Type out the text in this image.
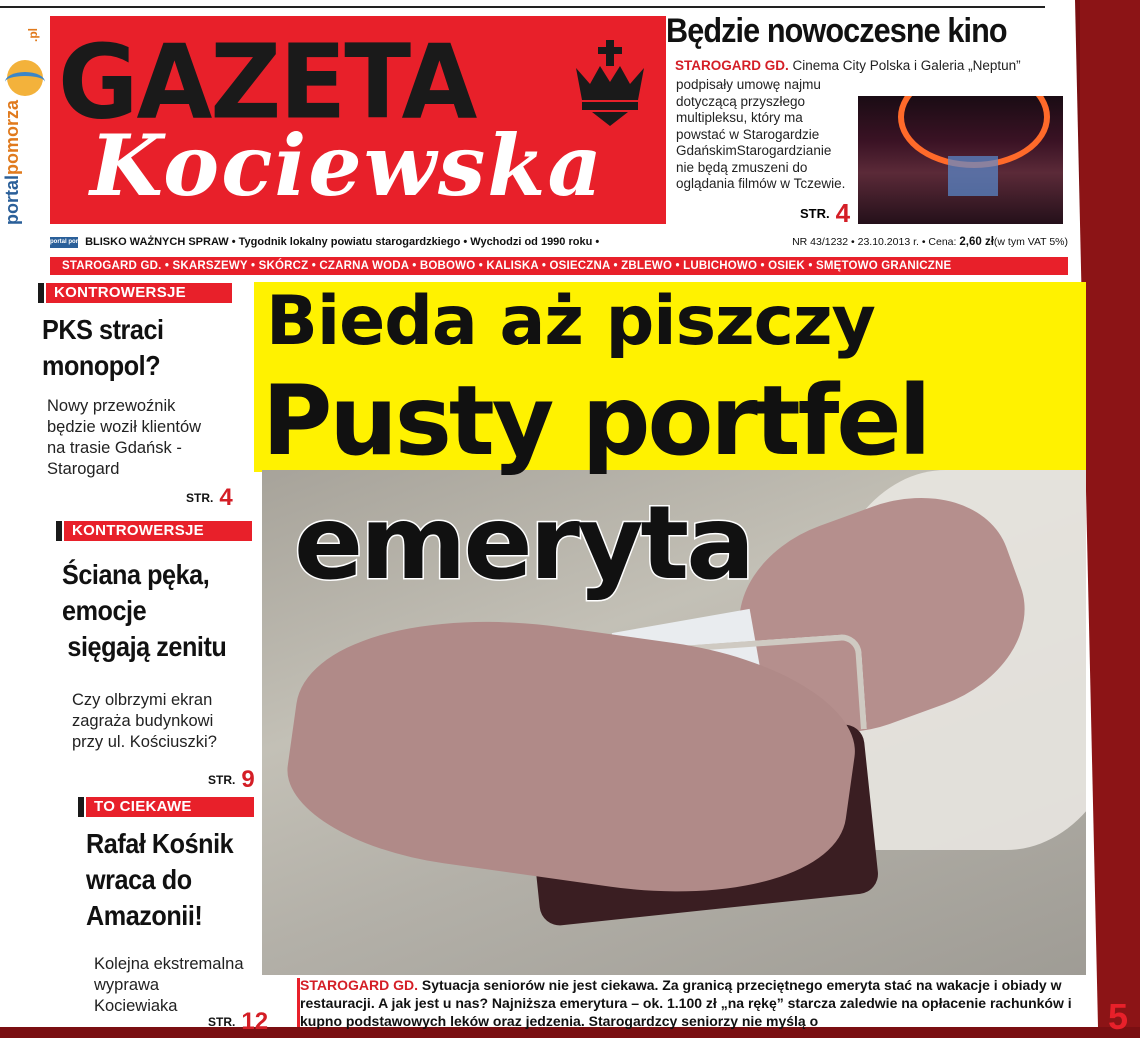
portalpomorza
.pl GAZETA
Kociewska
Będzie nowoczesne kino
STAROGARD GD. Cinema City Polska i Galeria „Neptun”
podpisały umowę najmu dotyczącą przyszłego multipleksu, który ma powstać w Starogardzie GdańskimStarogardzianie nie będą zmuszeni do oglądania filmów w Tczewie.
STR. 4
portal pomorza BLISKO WAŻNYCH SPRAW • Tygodnik lokalny powiatu starogardzkiego • Wychodzi od 1990 roku •	NR 43/1232 • 23.10.2013 r. • Cena: 2,60 zł(w tym VAT 5%)
STAROGARD GD. • SKARSZEWY • SKÓRCZ • CZARNA WODA • BOBOWO • KALISKA • OSIECZNA • ZBLEWO • LUBICHOWO • OSIEK • SMĘTOWO GRANICZNE
KONTROWERSJE
PKS straci
monopol?
Nowy przewoźnik
będzie woził klientów
na trasie Gdańsk -
Starogard
STR. 4
KONTROWERSJE
Ściana pęka,
emocje
sięgają zenitu
Czy olbrzymi ekran
zagraża budynkowi
przy ul. Kościuszki?
STR. 9
TO CIEKAWE
Rafał Kośnik
wraca do
Amazonii!
Kolejna ekstremalna
wyprawa
Kociewiaka
STR. 12
Bieda aż piszczy
Pusty portfel
emeryta
STAROGARD GD. Sytuacja seniorów nie jest ciekawa. Za granicą przeciętnego emeryta stać na wakacje i obiady w restauracji. A jak jest u nas? Najniższa emerytura – ok. 1.100 zł „na rękę” starcza zaledwie na opłacenie rachunków i kupno podstawowych leków oraz jedzenia. Starogardzcy seniorzy nie myślą o	5
